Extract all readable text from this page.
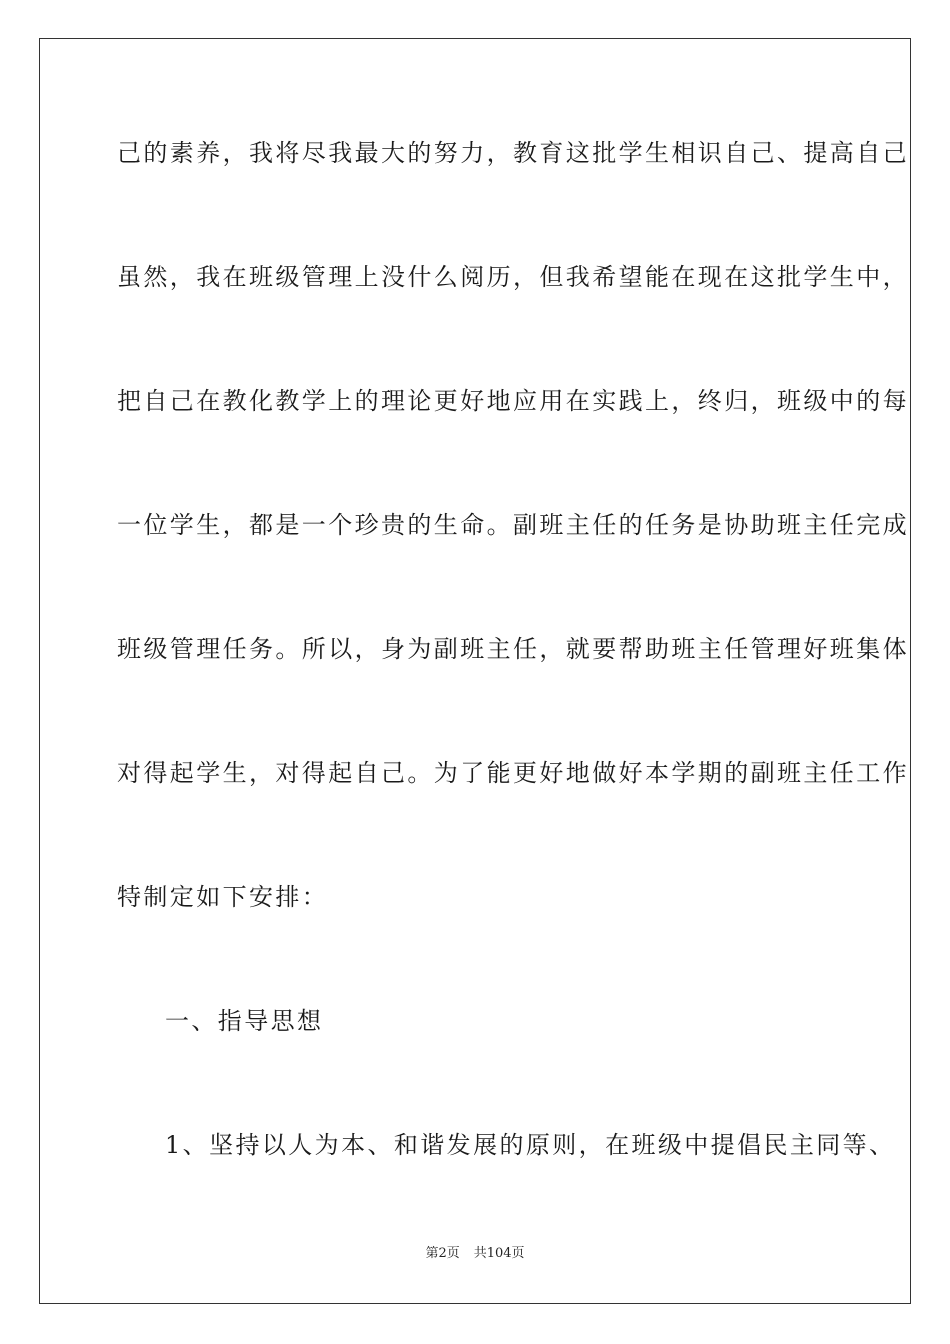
己的素养，我将尽我最大的努力，教育这批学生相识自己、提高自己
虽然，我在班级管理上没什么阅历，但我希望能在现在这批学生中，
把自己在教化教学上的理论更好地应用在实践上，终归，班级中的每
一位学生，都是一个珍贵的生命。副班主任的任务是协助班主任完成
班级管理任务。所以，身为副班主任，就要帮助班主任管理好班集体
对得起学生，对得起自己。为了能更好地做好本学期的副班主任工作
特制定如下安排：
一、指导思想
1、坚持以人为本、和谐发展的原则，在班级中提倡民主同等、
第2页 共104页
